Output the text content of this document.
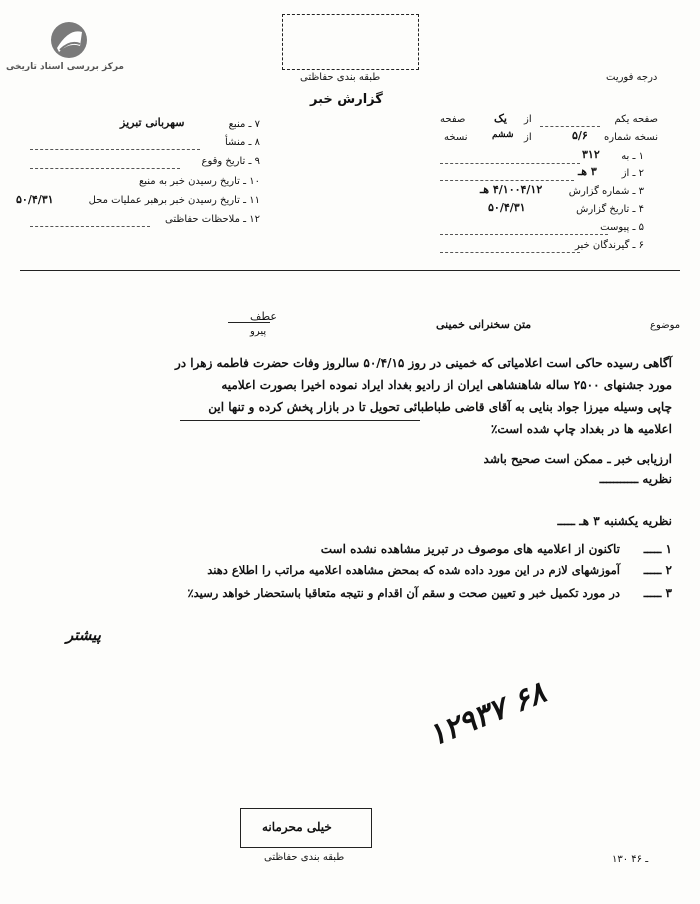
مرکز بررسی اسناد تاریخی
طبقه بندی حفاظتی
گزارش خبر
درجه فوریت
صفحه یکم
از
یک
صفحه
نسخه شماره
۵/۶
از
ششم
نسخه
۱ ـ به
۳۱۲
۲ ـ از
۳ هـ
۳ ـ شماره گزارش
۴/۱۰۰۴/۱۲ هـ
۴ ـ تاریخ گزارش
۵۰/۴/۳۱
۵ ـ پیوست
۶ ـ گیرندگان خبر
۷ ـ منبع
سهربانی تبریز
۸ ـ منشأ
۹ ـ تاریخ وقوع
۱۰ ـ تاریخ رسیدن خبر به منبع
۱۱ ـ تاریخ رسیدن خبر برهبر عملیات محل
۵۰/۴/۳۱
۱۲ ـ ملاحظات حفاظتی
عطف
پیرو
موضوع
متن سخنرانی خمینی
آگاهی رسیده حاکی است اعلامیاتی که خمینی در روز ۵۰/۴/۱۵ سالروز وفات حضرت فاطمه زهرا در
مورد جشنهای ۲۵۰۰ ساله شاهنشاهی ایران از رادیو بغداد ایراد نموده اخیرا بصورت اعلامیه
چاپی وسیله میرزا جواد بنایی به آقای قاضی طباطبائی تحویل تا در بازار پخش کرده و تنها این
اعلامیه ها در بغداد چاپ شده است٪
ارزیابی خبر ـ ممکن است صحیح باشد
نظریه ـــــــــــ
نظریه یکشنبه ۳ هـ ـــــ
۱ ـــــ
تاکنون از اعلامیه های موصوف در تبریز مشاهده نشده است
۲ ـــــ
آموزشهای لازم در این مورد داده شده که بمحض مشاهده اعلامیه مراتب را اطلاع دهند
۳ ـــــ
در مورد تکمیل خبر و تعیین صحت و سقم آن اقدام و نتیجه متعاقبا باستحضار خواهد رسید٪
پیشتر
۱۲۹۳۷ ۶۸
خیلی محرمانه
طبقه بندی حفاظتی	۱۳۰ ـ ۴۶
